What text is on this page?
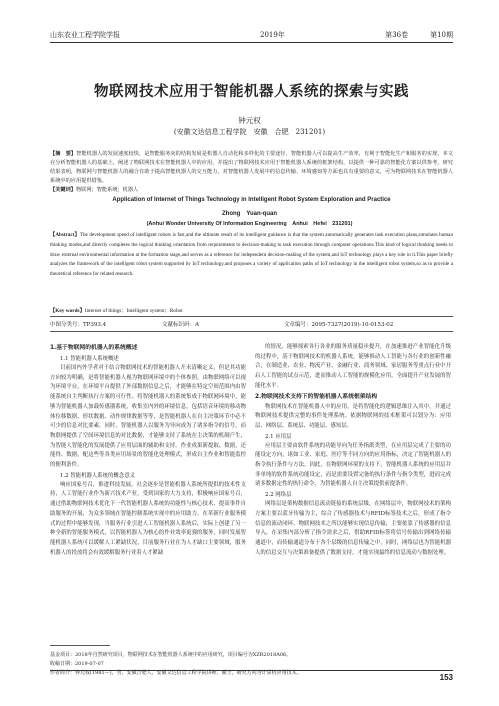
山东农业工程学院学报	2019年	第36卷	第10期
物联网技术应用于智能机器人系统的探索与实践
钟元权
(安徽文达信息工程学院　安徽　合肥　231201)
【摘　要】智能机器人的发展速度较快，是智能服务向的结构发展是机器人自动化和多样化的主要途径，智能机器人可以提高生产效率，有利于智能化生产和服务的实现，本文在分析智能机器人的基础上，阐述了物联网技术在智能机器人中的应用，并提出了物联网技术应用于智能机器人系统的框架结构，以提供一种可靠的智能化方案以供参考，研究结果表明，物联网与智能机器人的融合有助于提高智能机器人的交互能力，对智能机器人发展中的信息传输、环境感知等方面也具有重要的意义，可为物联网技术在智能机器人系统中的应用提供借鉴。
【关键词】物联网；智能系统；机器人
Application of Internet of Things Technology in Intelligent Robot System Exploration and Practice
Zhong　Yuan-quan
(Anhui Wonder University Of Information Engineering　Anhui　Hefei　231201)
【Abstract】The development speed of intelligent robots is fast,and the ultimate result of its intelligent guidance is that the system automatically generates task execution plans,simulates human thinking modes,and directly completes the logical thinking orientation from requirements to decision-making to task execution through computer operations.This kind of logical thinking needs to draw external environmental information at the formation stage,and serves as a reference for independent decision-making of the system,and IoT technology plays a key role in it.This paper briefly analyzes the framework of the intelligent robot system supported by IoT technology,and proposes a variety of application paths of IoT technology in the intelligent robot system,so as to provide a theoretical reference for related research.
【Key words】Internet of things；Intelligent system；Robot
中图分类号：TP393.4	文献标识码：A	文章编号：2095-7327(2019)-10-0153-02
1.基于物联网的机器人的系统概述
1.1 智能机器人系统概述

目前国内外学者对于结合物联网技术的智能机器人开未清晰定义，但是其功能方向较为明确，是将智能机器人视为物联网环境中的个体参照，由物联网络可以视为环境平台，在环境平台提供了外部数据信息之后，才能够在特定空间范围内由智能系统自主判断执行方案的可行性。将智能机器人的系统集成于物联网环境中，能够为智能机器人加载传感器系统，收集室内外的环境信息，包括语音环境的移动物体位移数据、形状数据、动作规律数据等等，是智能机器人在自主决策环节中必不可少的信息对比要素。同时，智能机器人以服务为导向成为了诸多指令的信号，而物联网提供了空间环境信息的对比数据，才能够支持了系统在主决策的机制产生，为智能人智能化的发展提供了应用层面的辅助和支持。作业成果新提取、数据，还能得、数据。配这些等各类应用场景的智能化处理模式，形成自主作业和智能监控的便利条件。

1.2 智能机器人系统的概念意义

响应国家号召，推进科技发展，社会逐步是智能机器人系统所提供的技术性支持，人工智能行业作为新兴技术产业，受到国家的大力支持，积极响应国家号召，通过借助物联网技术优化下一代智能机器人系统的功能性与核心技术，提高事件自助服务的开展，为众多领域在智能控制系统实现中的应用助力。在革新行业服务模式的过程中能够发现，当服务行业引进人工智能机器人系统后，实际上创建了另一种全新的智能服务模式，以智能机器人为核心的作业效率更强的服务，同时发展智能机器人系统可以缓解人工紧缺状况，目前服务行业在为人才缺口主要领域，服务机器人的投放将会有效缓解服务行业着人才紧缺

的情况，能够探索各行各业的服务质量稳步提升，在加速推进产业智能化升级的过程中，基于物联网技术的机器人系统，能够推动人工智能与各行业的创新性融合，在制造业、农业、物流产业、金融行业、商务领域、家居服务等重点行业中开启人工智能的试点示范，进而推动人工智能的规模化应用，全面提升产业发展的智能化水平。

2.物联网技术支持下的智能机器人系统框架结构

物联网技术在智能机器人中的应用，是将智能化的逻辑思维注入其中，并通过物联网技术提供完整的事件处理系统。依据物联网的技术框架可以划分为：应用层、网络层、系统层、功能层、感知层。

2.1 应用层

应用层主要由软件系统的功能导向为任务指派类型，在应用层完成了主要的功能设定方向，诸如工业、家庭、医疗等不同方向的应用指标，决定了智能机器人的指令执行条件与方法。因此，在物联网环境的支持下，智能机器人系统的应用层并非单纯的软件系统功能设定，而是需要设置完备的执行条件与指令类型，进而完成诸多数据定性的执行命令，为智能机器人自主决策提供前提条件。

2.2 网络层

网络层是架构数据信息流动链接的系统层级，在网络层中，物联网技术的架构方案主要以蓝牙传输为主，综合了传感器技术与RFID标签技术之后，形成了指令信息的流动闭环。物联网技术之所以能够实现信息传输，主要依靠了传感器的信息导入，在采集内部分析了指令需求之后，借助RFID标签将信号传输出到网络传输通道中，而传输通道分布于各个层级的信息传输之中，同时，网络层也为智能机器人的信息交互与决策准备提供了数据支持，才能实现最终的信息流动与数据处理。

基金项目：2018年自然研究项目，物联网技术在智能机器人系统中的应用研究，项目编号为XZR2018A06。
收稿日期：2019-07-07
作者简介：钟元权(1981—)，男，安徽合肥人，安徽文达信息工程学院讲师，硕士，研究方向为计算机应用技术。	153
